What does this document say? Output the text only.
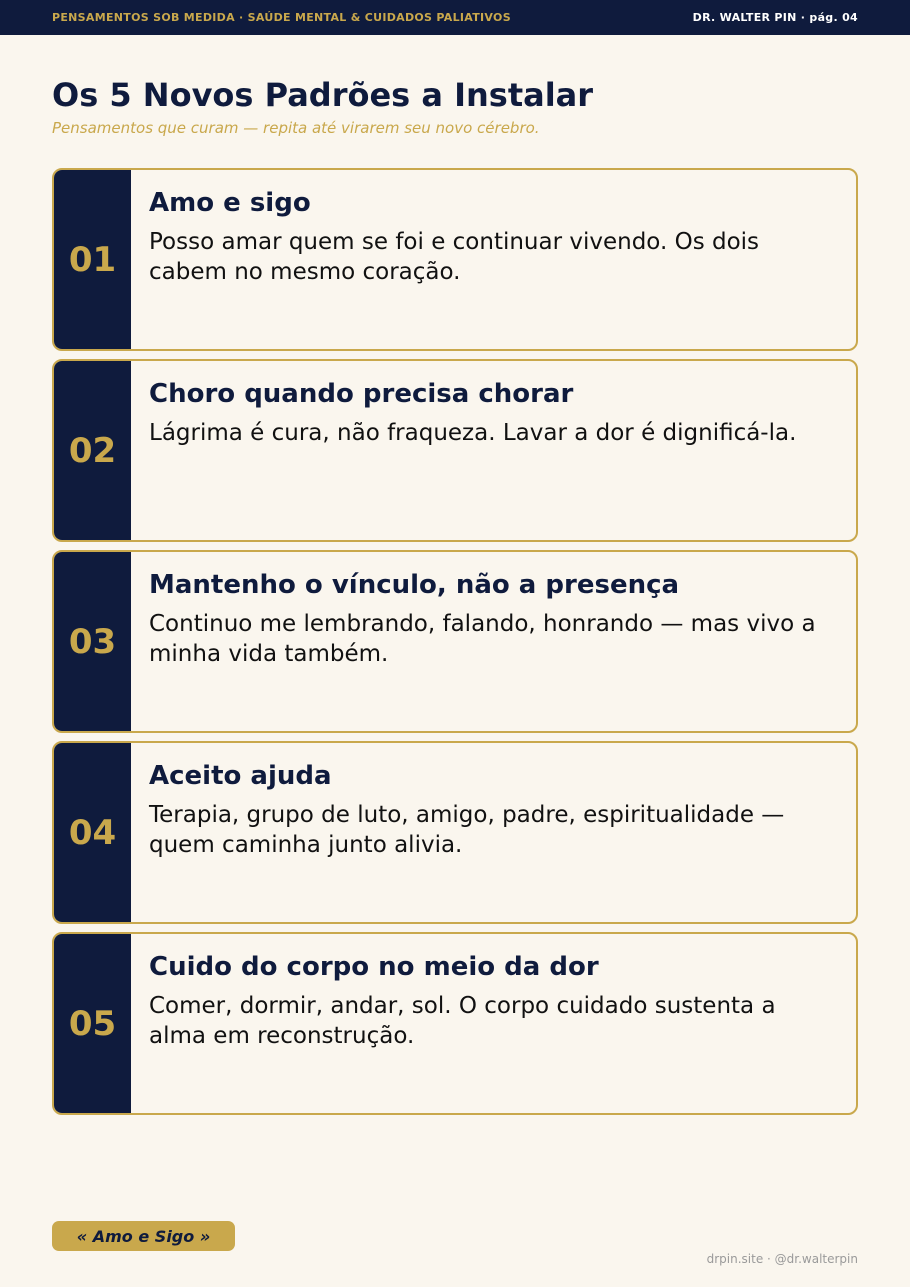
PENSAMENTOS SOB MEDIDA · SAÚDE MENTAL & CUIDADOS PALIATIVOS	DR. WALTER PIN · pág. 04
Os 5 Novos Padrões a Instalar
Pensamentos que curam — repita até virarem seu novo cérebro.
01
Amo e sigo
Posso amar quem se foi e continuar vivendo. Os dois cabem no mesmo coração.
02
Choro quando precisa chorar
Lágrima é cura, não fraqueza. Lavar a dor é dignificá-la.
03
Mantenho o vínculo, não a presença
Continuo me lembrando, falando, honrando — mas vivo a minha vida também.
04
Aceito ajuda
Terapia, grupo de luto, amigo, padre, espiritualidade — quem caminha junto alivia.
05
Cuido do corpo no meio da dor
Comer, dormir, andar, sol. O corpo cuidado sustenta a alma em reconstrução.
« Amo e Sigo »
drpin.site · @dr.walterpin
